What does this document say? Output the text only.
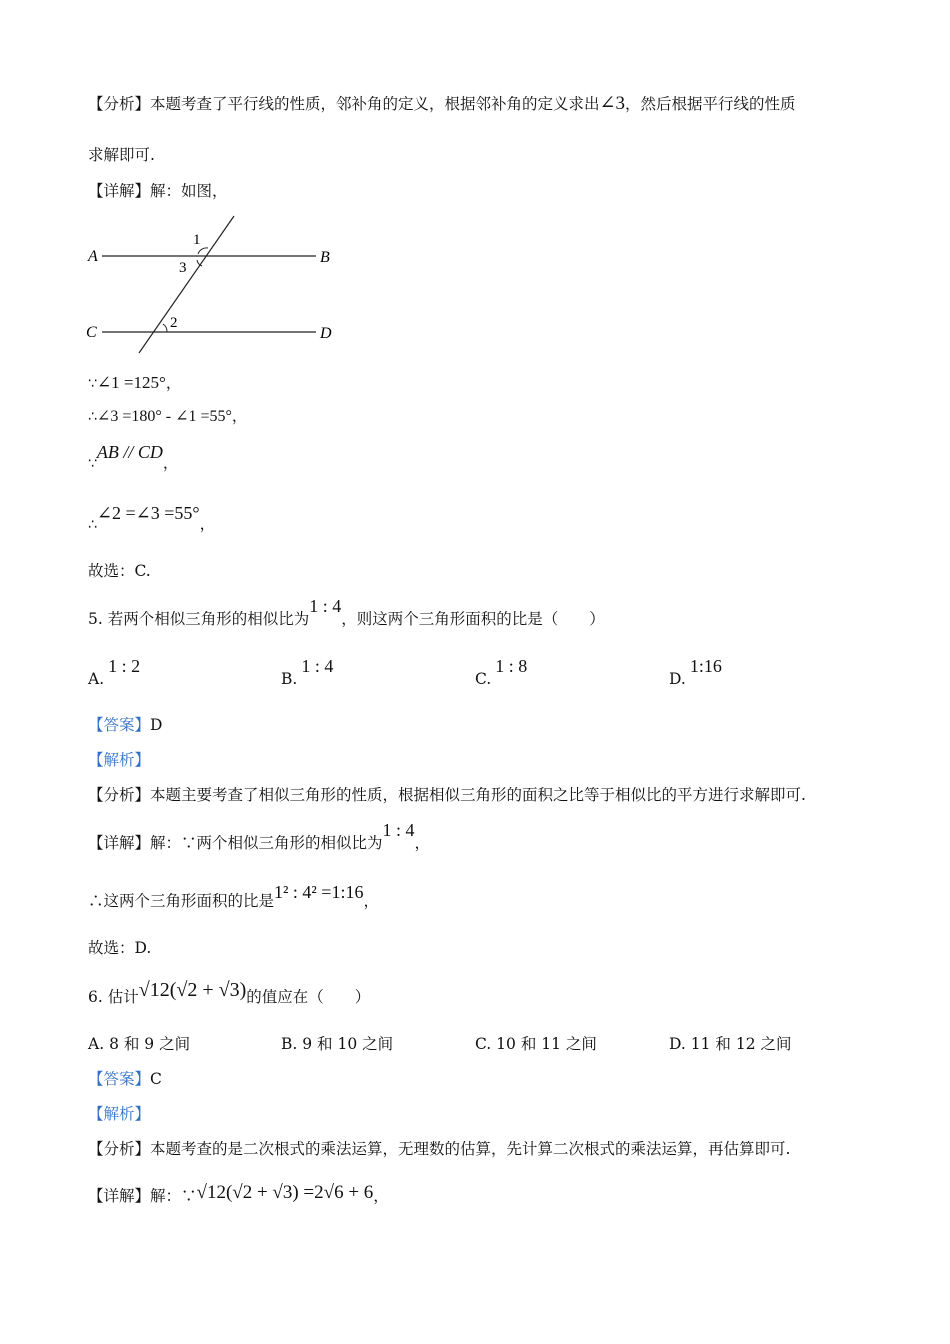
【分析】本题考查了平行线的性质，邻补角的定义，根据邻补角的定义求出∠3，然后根据平行线的性质
求解即可.
【详解】解：如图，
A	B
C	D
1
3
2
∵∠1 =125°，
∴∠3 =180° - ∠1 =55°，
∵AB // CD，
∴∠2 =∠3 =55°，
故选：C.
5. 若两个相似三角形的相似比为1 : 4，则这两个三角形面积的比是（　　）
A.1 : 2
B.1 : 4
C.1 : 8
D.1:16
【答案】D
【解析】
【分析】本题主要考查了相似三角形的性质，根据相似三角形的面积之比等于相似比的平方进行求解即可.
【详解】解：∵两个相似三角形的相似比为1 : 4，
∴这两个三角形面积的比是1² : 4² =1:16，
故选：D.
6. 估计√12(√2 + √3)的值应在（　　）
A. 8 和 9 之间	B. 9 和 10 之间	C. 10 和 11 之间	D. 11 和 12 之间
【答案】C
【解析】
【分析】本题考查的是二次根式的乘法运算，无理数的估算，先计算二次根式的乘法运算，再估算即可.
【详解】解：∵√12(√2 + √3) =2√6 + 6，
